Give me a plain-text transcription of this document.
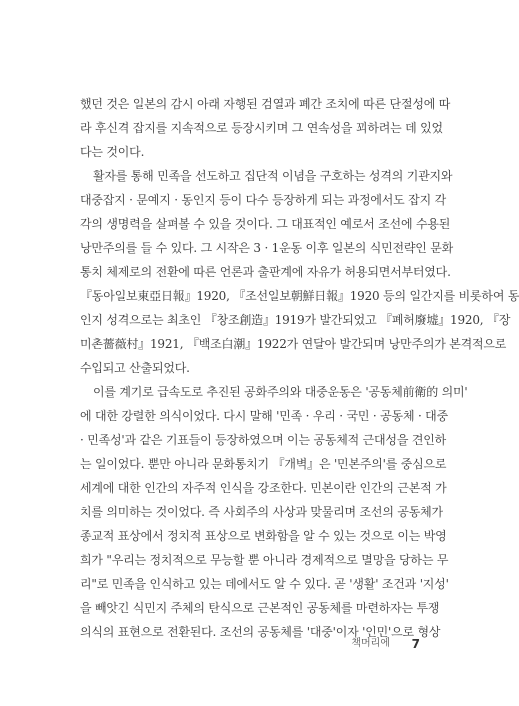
했던 것은 일본의 감시 아래 자행된 검열과 폐간 조치에 따른 단절성에 따
라 후신격 잡지를 지속적으로 등장시키며 그 연속성을 꾀하려는 데 있었
다는 것이다.
활자를 통해 민족을 선도하고 집단적 이념을 구호하는 성격의 기관지와
대중잡지 · 문예지 · 동인지 등이 다수 등장하게 되는 과정에서도 잡지 각
각의 생명력을 살펴볼 수 있을 것이다. 그 대표적인 예로서 조선에 수용된
낭만주의를 들 수 있다. 그 시작은 3 · 1운동 이후 일본의 식민전략인 문화
통치 체제로의 전환에 따른 언론과 출판계에 자유가 허용되면서부터였다.
『동아일보東亞日報』1920, 『조선일보朝鮮日報』1920 등의 일간지를 비롯하여 동
인지 성격으로는 최초인 『창조創造』1919가 발간되었고 『폐허廢墟』1920, 『장
미촌薔薇村』1921, 『백조白潮』1922가 연달아 발간되며 낭만주의가 본격적으로
수입되고 산출되었다.
이를 계기로 급속도로 추진된 공화주의와 대중운동은 '공동체前衛的 의미'
에 대한 강렬한 의식이었다. 다시 말해 '민족 · 우리 · 국민 · 공동체 · 대중
· 민족성'과 같은 기표들이 등장하였으며 이는 공동체적 근대성을 견인하
는 일이었다. 뿐만 아니라 문화통치기 『개벽』은 '민본주의'를 중심으로
세계에 대한 인간의 자주적 인식을 강조한다. 민본이란 인간의 근본적 가
치를 의미하는 것이었다. 즉 사회주의 사상과 맞물리며 조선의 공동체가
종교적 표상에서 정치적 표상으로 변화함을 알 수 있는 것으로 이는 박영
희가 "우리는 정치적으로 무능할 뿐 아니라 경제적으로 멸망을 당하는 무
리"로 민족을 인식하고 있는 데에서도 알 수 있다. 곧 '생활' 조건과 '지성'
을 빼앗긴 식민지 주체의 탄식으로 근본적인 공동체를 마련하자는 투쟁
의식의 표현으로 전환된다. 조선의 공동체를 '대중'이자 '인민'으로 형상
책머리에 7
